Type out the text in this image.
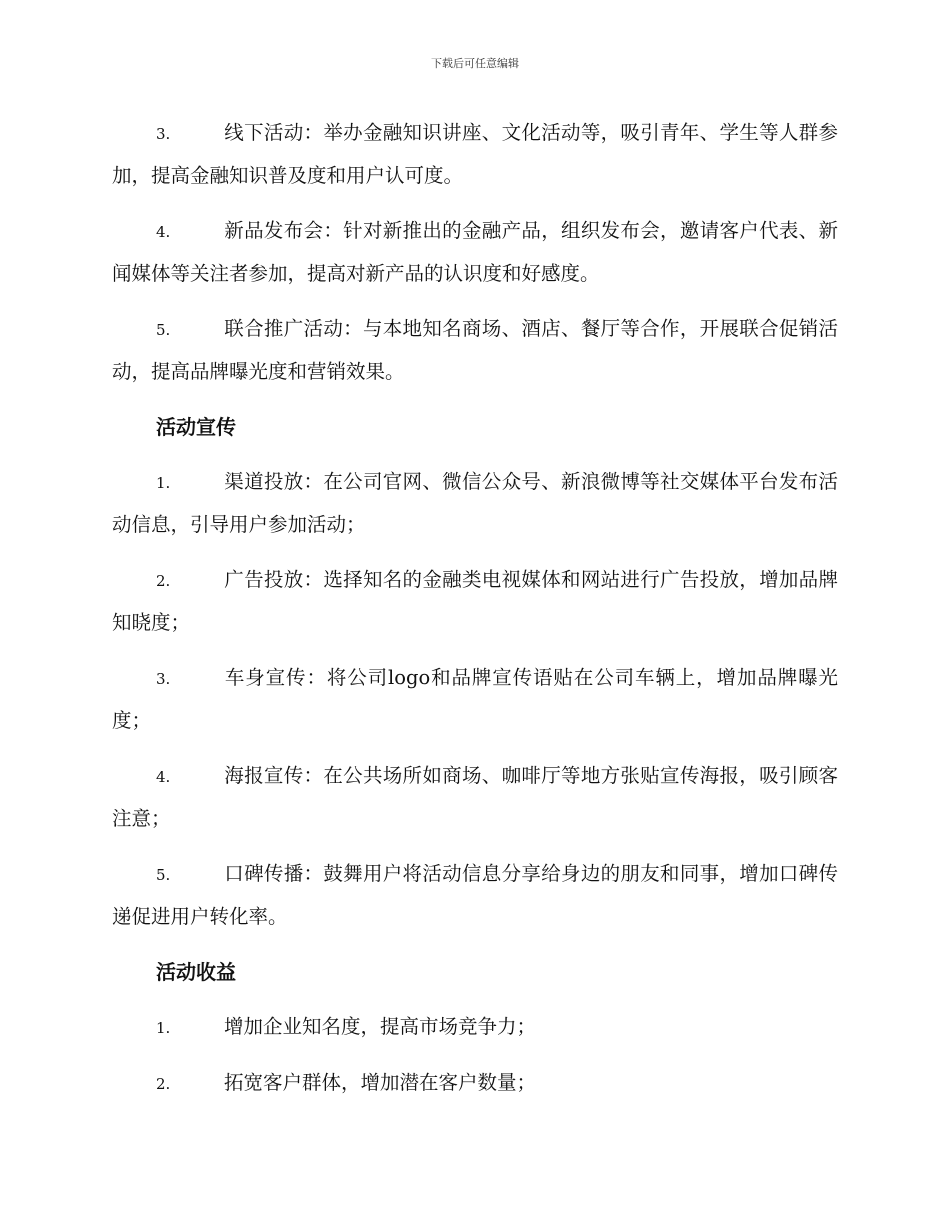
下载后可任意编辑

3.	线下活动：举办金融知识讲座、文化活动等，吸引青年、学生等人群参加，提高金融知识普及度和用户认可度。

4.	新品发布会：针对新推出的金融产品，组织发布会，邀请客户代表、新闻媒体等关注者参加，提高对新产品的认识度和好感度。

5.	联合推广活动：与本地知名商场、酒店、餐厅等合作，开展联合促销活动，提高品牌曝光度和营销效果。

活动宣传

1.	渠道投放：在公司官网、微信公众号、新浪微博等社交媒体平台发布活动信息，引导用户参加活动；

2.	广告投放：选择知名的金融类电视媒体和网站进行广告投放，增加品牌知晓度；

3.	车身宣传：将公司logo和品牌宣传语贴在公司车辆上，增加品牌曝光度；

4.	海报宣传：在公共场所如商场、咖啡厅等地方张贴宣传海报，吸引顾客注意；

5.	口碑传播：鼓舞用户将活动信息分享给身边的朋友和同事，增加口碑传递促进用户转化率。

活动收益

1.	增加企业知名度，提高市场竞争力；

2.	拓宽客户群体，增加潜在客户数量；
